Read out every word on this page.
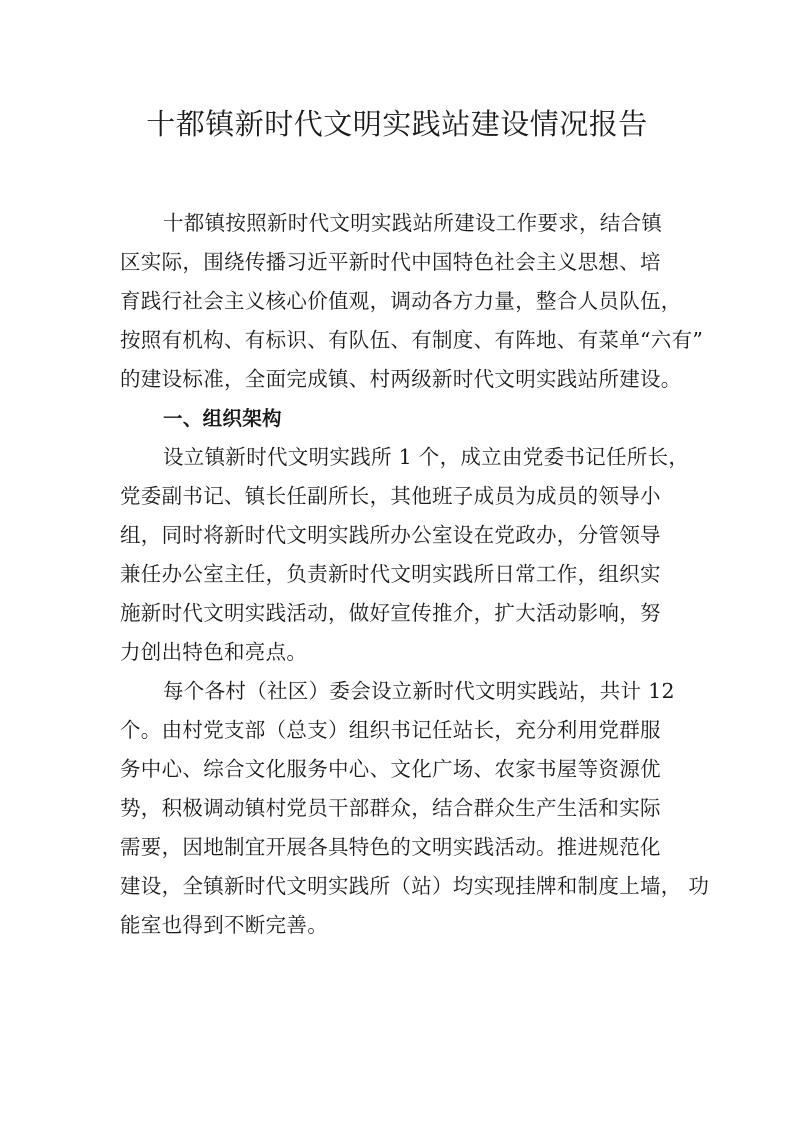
十都镇新时代文明实践站建设情况报告
十都镇按照新时代文明实践站所建设工作要求，结合镇
区实际，围绕传播习近平新时代中国特色社会主义思想、培
育践行社会主义核心价值观，调动各方力量，整合人员队伍，
按照有机构、有标识、有队伍、有制度、有阵地、有菜单“六有”
的建设标准，全面完成镇、村两级新时代文明实践站所建设。
一、组织架构
设立镇新时代文明实践所 1 个，成立由党委书记任所长，
党委副书记、镇长任副所长，其他班子成员为成员的领导小
组，同时将新时代文明实践所办公室设在党政办，分管领导
兼任办公室主任，负责新时代文明实践所日常工作，组织实
施新时代文明实践活动，做好宣传推介，扩大活动影响，努
力创出特色和亮点。
每个各村（社区）委会设立新时代文明实践站，共计 12
个。由村党支部（总支）组织书记任站长，充分利用党群服
务中心、综合文化服务中心、文化广场、农家书屋等资源优
势，积极调动镇村党员干部群众，结合群众生产生活和实际
需要，因地制宜开展各具特色的文明实践活动。推进规范化
建设，全镇新时代文明实践所（站）均实现挂牌和制度上墙， 功
能室也得到不断完善。
